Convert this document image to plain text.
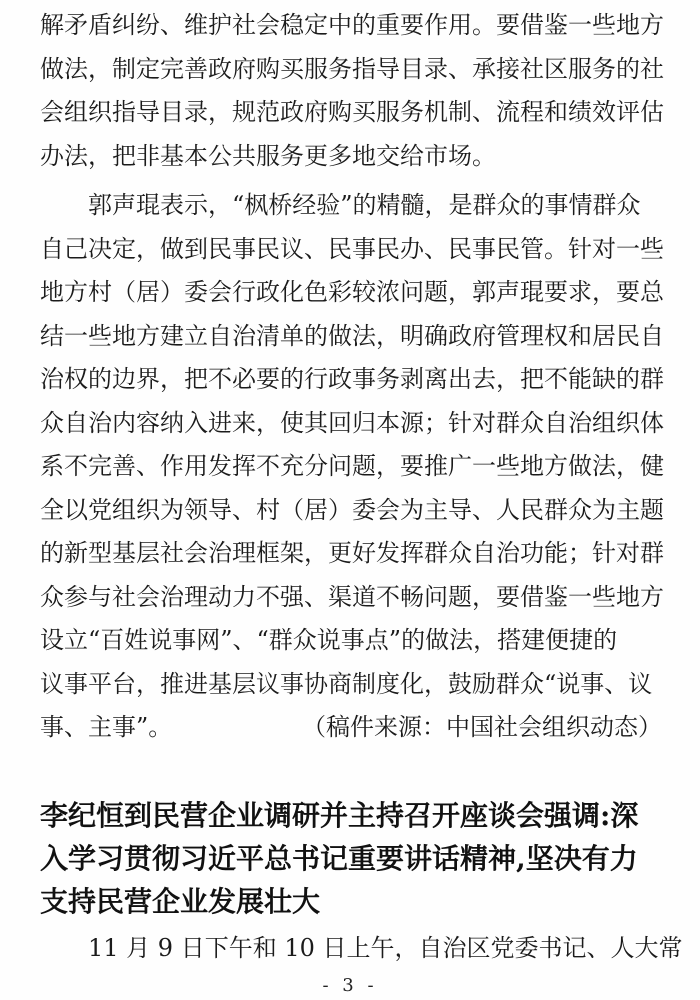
解矛盾纠纷、维护社会稳定中的重要作用。要借鉴一些地方
做法，制定完善政府购买服务指导目录、承接社区服务的社
会组织指导目录，规范政府购买服务机制、流程和绩效评估
办法，把非基本公共服务更多地交给市场。
　　郭声琨表示，“枫桥经验”的精髓，是群众的事情群众
自己决定，做到民事民议、民事民办、民事民管。针对一些
地方村（居）委会行政化色彩较浓问题，郭声琨要求，要总
结一些地方建立自治清单的做法，明确政府管理权和居民自
治权的边界，把不必要的行政事务剥离出去，把不能缺的群
众自治内容纳入进来，使其回归本源；针对群众自治组织体
系不完善、作用发挥不充分问题，要推广一些地方做法，健
全以党组织为领导、村（居）委会为主导、人民群众为主题
的新型基层社会治理框架，更好发挥群众自治功能；针对群
众参与社会治理动力不强、渠道不畅问题，要借鉴一些地方
设立“百姓说事网”、“群众说事点”的做法，搭建便捷的
议事平台，推进基层议事协商制度化，鼓励群众“说事、议
事、主事”。	（稿件来源：中国社会组织动态）
李纪恒到民营企业调研并主持召开座谈会强调:深
入学习贯彻习近平总书记重要讲话精神,坚决有力
支持民营企业发展壮大
　　11 月 9 日下午和 10 日上午，自治区党委书记、人大常
- 3 -
